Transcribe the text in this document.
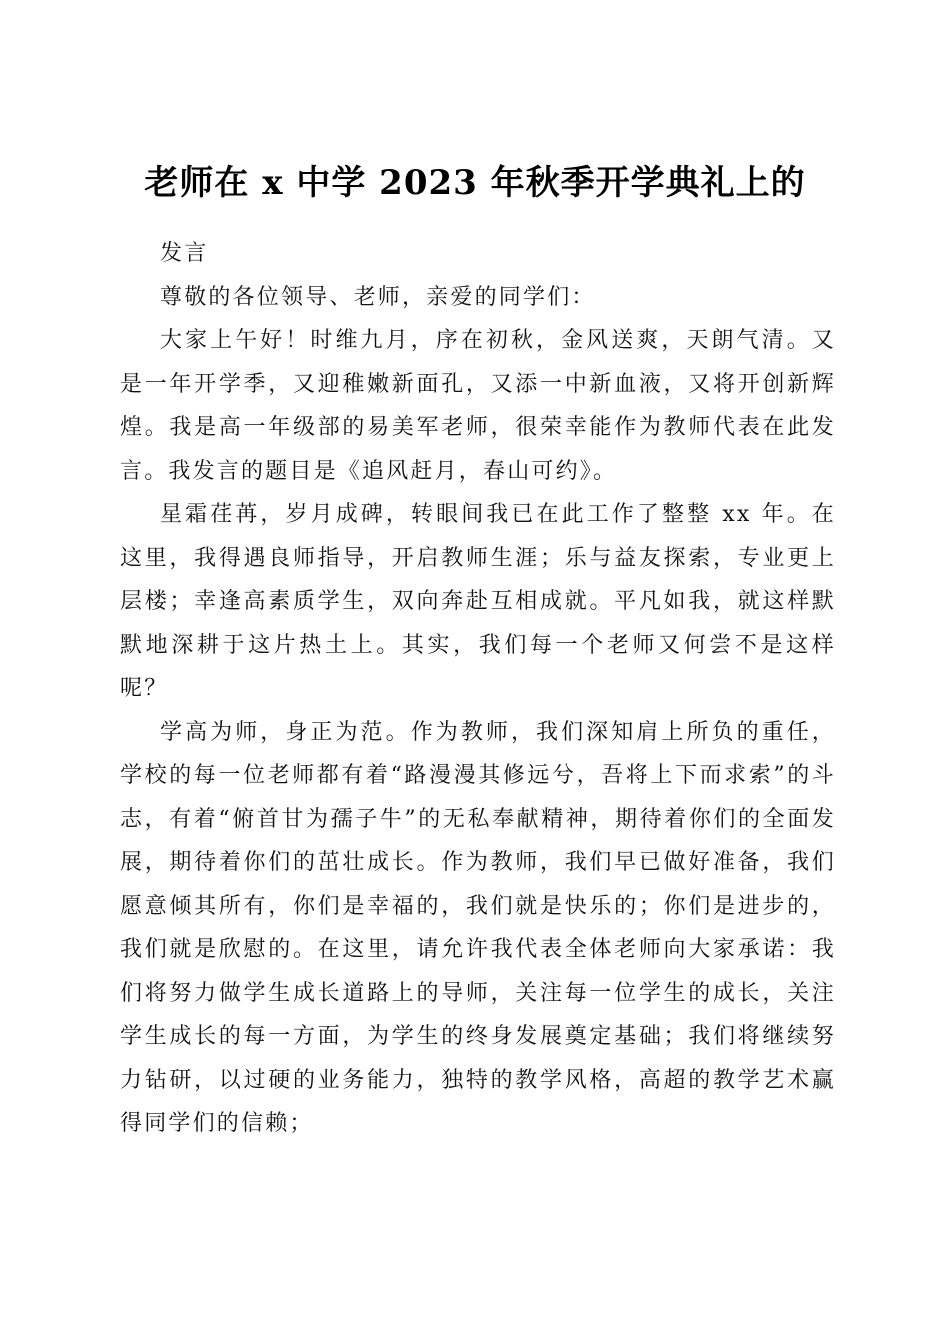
老师在 x 中学 2023 年秋季开学典礼上的

发言

尊敬的各位领导、老师，亲爱的同学们：

大家上午好！时维九月，序在初秋，金风送爽，天朗气清。又是一年开学季，又迎稚嫩新面孔，又添一中新血液，又将开创新辉煌。我是高一年级部的易美军老师，很荣幸能作为教师代表在此发言。我发言的题目是《追风赶月，春山可约》。

星霜荏苒，岁月成碑，转眼间我已在此工作了整整 xx 年。在这里，我得遇良师指导，开启教师生涯；乐与益友探索，专业更上层楼；幸逢高素质学生，双向奔赴互相成就。平凡如我，就这样默默地深耕于这片热土上。其实，我们每一个老师又何尝不是这样呢？

学高为师，身正为范。作为教师，我们深知肩上所负的重任，学校的每一位老师都有着“路漫漫其修远兮，吾将上下而求索”的斗志，有着“俯首甘为孺子牛”的无私奉献精神，期待着你们的全面发展，期待着你们的茁壮成长。作为教师，我们早已做好准备，我们愿意倾其所有，你们是幸福的，我们就是快乐的；你们是进步的，我们就是欣慰的。在这里，请允许我代表全体老师向大家承诺：我们将努力做学生成长道路上的导师，关注每一位学生的成长，关注学生成长的每一方面，为学生的终身发展奠定基础；我们将继续努力钻研，以过硬的业务能力，独特的教学风格，高超的教学艺术赢得同学们的信赖；
